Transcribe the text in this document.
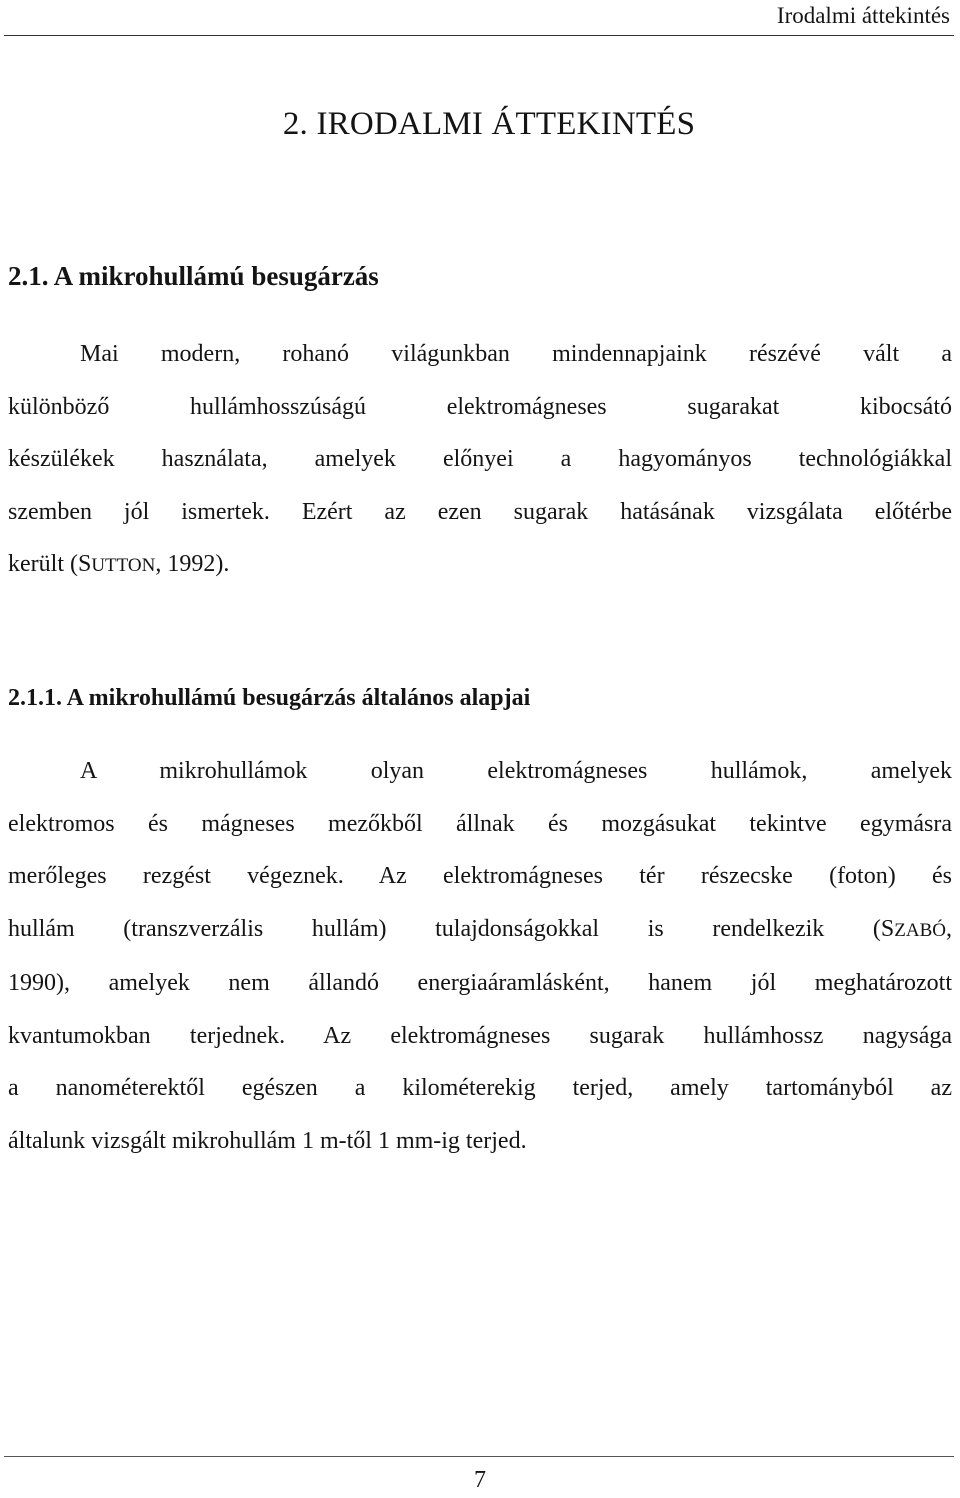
Irodalmi áttekintés
2. IRODALMI ÁTTEKINTÉS
2.1. A mikrohullámú besugárzás

Mai modern, rohanó világunkban mindennapjaink részévé vált a
különböző hullámhosszúságú elektromágneses sugarakat kibocsátó
készülékek használata, amelyek előnyei a hagyományos technológiákkal
szemben jól ismertek. Ezért az ezen sugarak hatásának vizsgálata előtérbe
került (SUTTON, 1992).

2.1.1. A mikrohullámú besugárzás általános alapjai

A mikrohullámok olyan elektromágneses hullámok, amelyek
elektromos és mágneses mezőkből állnak és mozgásukat tekintve egymásra
merőleges rezgést végeznek. Az elektromágneses tér részecske (foton) és
hullám (transzverzális hullám) tulajdonságokkal is rendelkezik (SZABÓ,
1990), amelyek nem állandó energiaáramlásként, hanem jól meghatározott
kvantumokban terjednek. Az elektromágneses sugarak hullámhossz nagysága
a nanométerektől egészen a kilométerekig terjed, amely tartományból az
általunk vizsgált mikrohullám 1 m-től 1 mm-ig terjed.

7
